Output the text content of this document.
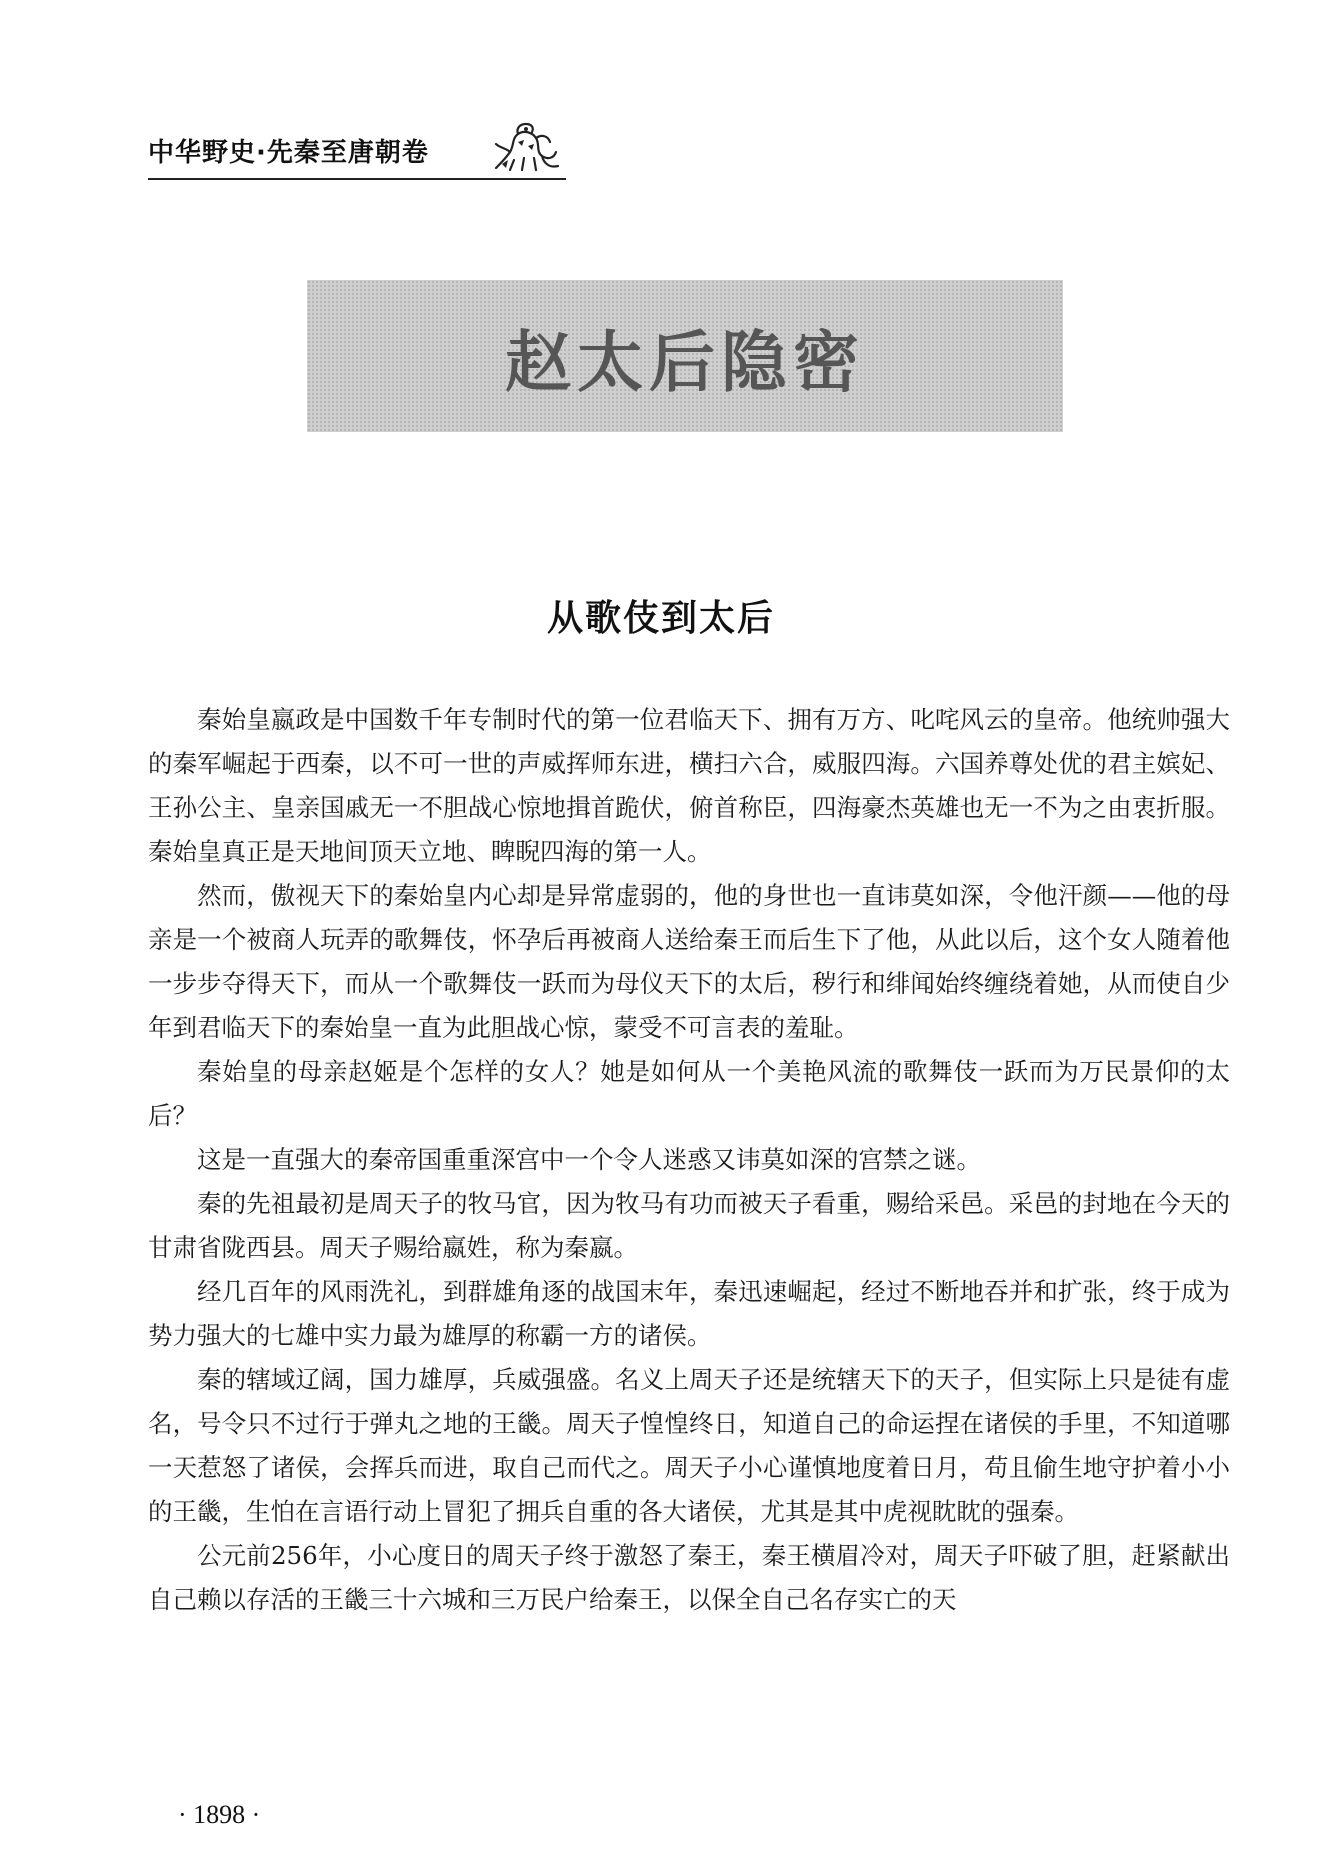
中华野史·先秦至唐朝卷
赵太后隐密
从歌伎到太后

秦始皇嬴政是中国数千年专制时代的第一位君临天下、拥有万方、叱咤风云的皇帝。他统帅强大的秦军崛起于西秦，以不可一世的声威挥师东进，横扫六合，威服四海。六国养尊处优的君主嫔妃、王孙公主、皇亲国戚无一不胆战心惊地揖首跪伏，俯首称臣，四海豪杰英雄也无一不为之由衷折服。秦始皇真正是天地间顶天立地、睥睨四海的第一人。

然而，傲视天下的秦始皇内心却是异常虚弱的，他的身世也一直讳莫如深，令他汗颜——他的母亲是一个被商人玩弄的歌舞伎，怀孕后再被商人送给秦王而后生下了他，从此以后，这个女人随着他一步步夺得天下，而从一个歌舞伎一跃而为母仪天下的太后，秽行和绯闻始终缠绕着她，从而使自少年到君临天下的秦始皇一直为此胆战心惊，蒙受不可言表的羞耻。

秦始皇的母亲赵姬是个怎样的女人？她是如何从一个美艳风流的歌舞伎一跃而为万民景仰的太后？

这是一直强大的秦帝国重重深宫中一个令人迷惑又讳莫如深的宫禁之谜。

秦的先祖最初是周天子的牧马官，因为牧马有功而被天子看重，赐给采邑。采邑的封地在今天的甘肃省陇西县。周天子赐给嬴姓，称为秦嬴。

经几百年的风雨洗礼，到群雄角逐的战国末年，秦迅速崛起，经过不断地吞并和扩张，终于成为势力强大的七雄中实力最为雄厚的称霸一方的诸侯。

秦的辖域辽阔，国力雄厚，兵威强盛。名义上周天子还是统辖天下的天子，但实际上只是徒有虚名，号令只不过行于弹丸之地的王畿。周天子惶惶终日，知道自己的命运捏在诸侯的手里，不知道哪一天惹怒了诸侯，会挥兵而进，取自己而代之。周天子小心谨慎地度着日月，苟且偷生地守护着小小的王畿，生怕在言语行动上冒犯了拥兵自重的各大诸侯，尤其是其中虎视眈眈的强秦。

公元前256年，小心度日的周天子终于激怒了秦王，秦王横眉冷对，周天子吓破了胆，赶紧献出自己赖以存活的王畿三十六城和三万民户给秦王，以保全自己名存实亡的天

· 1898 ·
